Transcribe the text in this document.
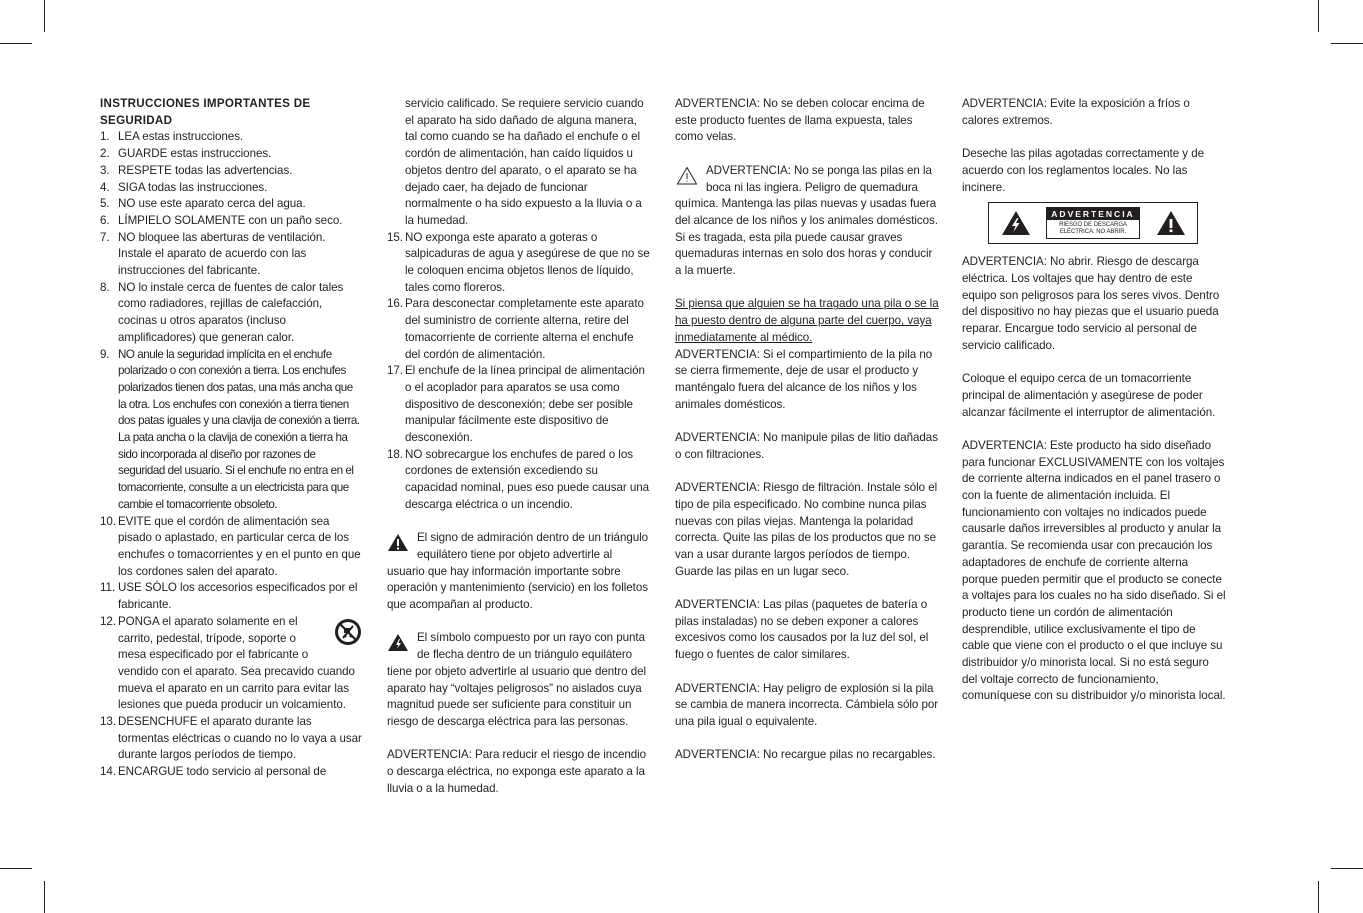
INSTRUCCIONES IMPORTANTES DE SEGURIDAD
1. LEA estas instrucciones.
2. GUARDE estas instrucciones.
3. RESPETE todas las advertencias.
4. SIGA todas las instrucciones.
5. NO use este aparato cerca del agua.
6. LÍMPIELO SOLAMENTE con un paño seco.
7. NO bloquee las aberturas de ventilación. Instale el aparato de acuerdo con las instrucciones del fabricante.
8. NO lo instale cerca de fuentes de calor tales como radiadores, rejillas de calefacción, cocinas u otros aparatos (incluso amplificadores) que generan calor.
9. NO anule la seguridad implícita en el enchufe polarizado o con conexión a tierra. Los enchufes polarizados tienen dos patas, una más ancha que la otra. Los enchufes con conexión a tierra tienen dos patas iguales y una clavija de conexión a tierra. La pata ancha o la clavija de conexión a tierra ha sido incorporada al diseño por razones de seguridad del usuario. Si el enchufe no entra en el tomacorriente, consulte a un electricista para que cambie el tomacorriente obsoleto.
10. EVITE que el cordón de alimentación sea pisado o aplastado, en particular cerca de los enchufes o tomacorrientes y en el punto en que los cordones salen del aparato.
11. USE SÓLO los accesorios especificados por el fabricante.
12. PONGA el aparato solamente en el carrito, pedestal, trípode, soporte o mesa especificado por el fabricante o vendido con el aparato. Sea precavido cuando mueva el aparato en un carrito para evitar las lesiones que pueda producir un volcamiento.
13. DESENCHUFE el aparato durante las tormentas eléctricas o cuando no lo vaya a usar durante largos períodos de tiempo.
14. ENCARGUE todo servicio al personal de
servicio calificado. Se requiere servicio cuando el aparato ha sido dañado de alguna manera, tal como cuando se ha dañado el enchufe o el cordón de alimentación, han caído líquidos u objetos dentro del aparato, o el aparato se ha dejado caer, ha dejado de funcionar normalmente o ha sido expuesto a la lluvia o a la humedad.
15. NO exponga este aparato a goteras o salpicaduras de agua y asegúrese de que no se le coloquen encima objetos llenos de líquido, tales como floreros.
16. Para desconectar completamente este aparato del suministro de corriente alterna, retire del tomacorriente de corriente alterna el enchufe del cordón de alimentación.
17. El enchufe de la línea principal de alimentación o el acoplador para aparatos se usa como dispositivo de desconexión; debe ser posible manipular fácilmente este dispositivo de desconexión.
18. NO sobrecargue los enchufes de pared o los cordones de extensión excediendo su capacidad nominal, pues eso puede causar una descarga eléctrica o un incendio.

El signo de admiración dentro de un triángulo equilátero tiene por objeto advertirle al usuario que hay información importante sobre operación y mantenimiento (servicio) en los folletos que acompañan al producto.

El símbolo compuesto por un rayo con punta de flecha dentro de un triángulo equilátero tiene por objeto advertirle al usuario que dentro del aparato hay “voltajes peligrosos” no aislados cuya magnitud puede ser suficiente para constituir un riesgo de descarga eléctrica para las personas.

ADVERTENCIA: Para reducir el riesgo de incendio o descarga eléctrica, no exponga este aparato a la lluvia o a la humedad.

ADVERTENCIA: No se deben colocar encima de este producto fuentes de llama expuesta, tales como velas.

ADVERTENCIA: No se ponga las pilas en la boca ni las ingiera. Peligro de quemadura química. Mantenga las pilas nuevas y usadas fuera del alcance de los niños y los animales domésticos. Si es tragada, esta pila puede causar graves quemaduras internas en solo dos horas y conducir a la muerte.

Si piensa que alguien se ha tragado una pila o se la ha puesto dentro de alguna parte del cuerpo, vaya inmediatamente al médico.

ADVERTENCIA: Si el compartimiento de la pila no se cierra firmemente, deje de usar el producto y manténgalo fuera del alcance de los niños y los animales domésticos.

ADVERTENCIA: No manipule pilas de litio dañadas o con filtraciones.

ADVERTENCIA: Riesgo de filtración. Instale sólo el tipo de pila especificado. No combine nunca pilas nuevas con pilas viejas. Mantenga la polaridad correcta. Quite las pilas de los productos que no se van a usar durante largos períodos de tiempo. Guarde las pilas en un lugar seco.

ADVERTENCIA: Las pilas (paquetes de batería o pilas instaladas) no se deben exponer a calores excesivos como los causados por la luz del sol, el fuego o fuentes de calor similares.

ADVERTENCIA: Hay peligro de explosión si la pila se cambia de manera incorrecta. Cámbiela sólo por una pila igual o equivalente.

ADVERTENCIA: No recargue pilas no recargables.

ADVERTENCIA: Evite la exposición a fríos o calores extremos.

Deseche las pilas agotadas correctamente y de acuerdo con los reglamentos locales. No las incinere.

ADVERTENCIA
RIESGO DE DESCARGA
ELÉCTRICA. NO ABRIR.

ADVERTENCIA: No abrir. Riesgo de descarga eléctrica. Los voltajes que hay dentro de este equipo son peligrosos para los seres vivos. Dentro del dispositivo no hay piezas que el usuario pueda reparar. Encargue todo servicio al personal de servicio calificado.

Coloque el equipo cerca de un tomacorriente principal de alimentación y asegúrese de poder alcanzar fácilmente el interruptor de alimentación.

ADVERTENCIA: Este producto ha sido diseñado para funcionar EXCLUSIVAMENTE con los voltajes de corriente alterna indicados en el panel trasero o con la fuente de alimentación incluida. El funcionamiento con voltajes no indicados puede causarle daños irreversibles al producto y anular la garantía. Se recomienda usar con precaución los adaptadores de enchufe de corriente alterna porque pueden permitir que el producto se conecte a voltajes para los cuales no ha sido diseñado. Si el producto tiene un cordón de alimentación desprendible, utilice exclusivamente el tipo de cable que viene con el producto o el que incluye su distribuidor y/o minorista local. Si no está seguro del voltaje correcto de funcionamiento, comuníquese con su distribuidor y/o minorista local.
